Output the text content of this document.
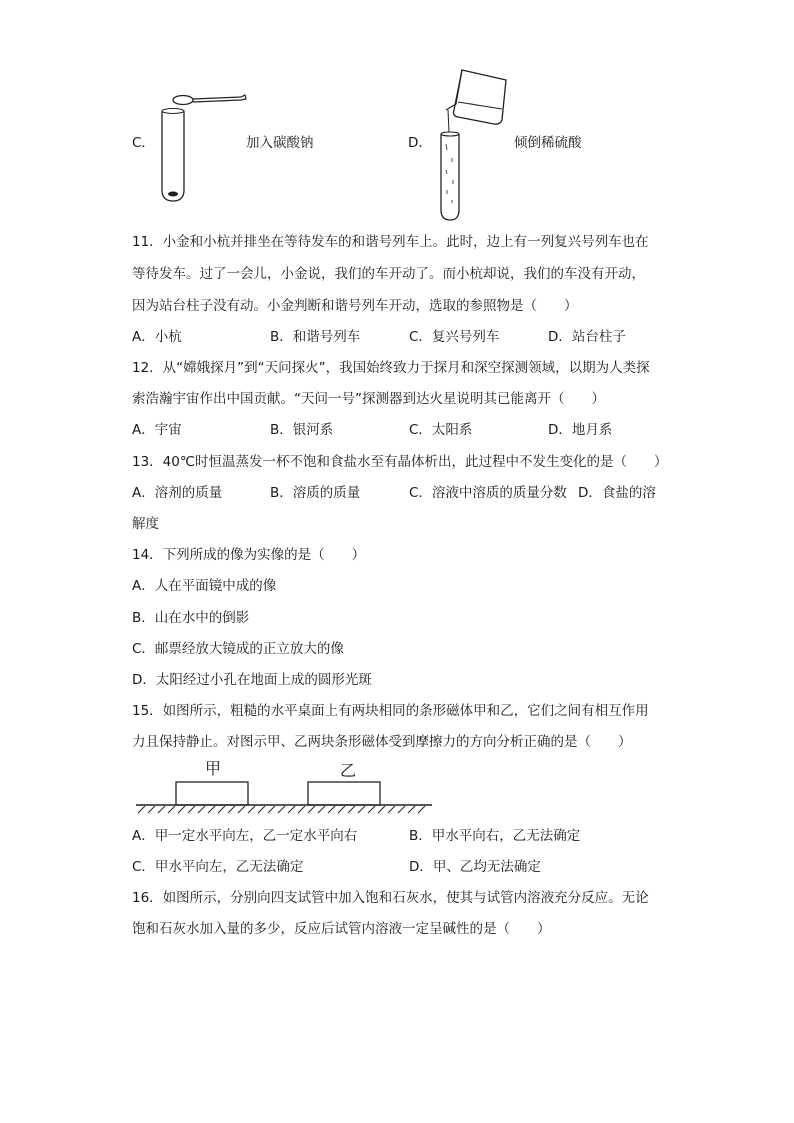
C．	加入碳酸钠	D．
- .
倾倒稀硫酸
11．小金和小杭并排坐在等待发车的和谐号列车上。此时，边上有一列复兴号列车也在
等待发车。过了一会儿，小金说，我们的车开动了。而小杭却说，我们的车没有开动，
因为站台柱子没有动。小金判断和谐号列车开动，选取的参照物是（　　）
A．小杭	B．和谐号列车	C．复兴号列车	D．站台柱子
12．从“嫦娥探月”到“天问探火”，我国始终致力于探月和深空探测领域，以期为人类探
索浩瀚宇宙作出中国贡献。“天问一号”探测器到达火星说明其已能离开（　　）
A．宇宙	B．银河系	C．太阳系	D．地月系
13．40℃时恒温蒸发一杯不饱和食盐水至有晶体析出，此过程中不发生变化的是（　　）
A．溶剂的质量	B．溶质的质量	C．溶液中溶质的质量分数 D．食盐的溶
解度
14．下列所成的像为实像的是（　　）
A．人在平面镜中成的像
B．山在水中的倒影
C．邮票经放大镜成的正立放大的像
D．太阳经过小孔在地面上成的圆形光斑
15．如图所示，粗糙的水平桌面上有两块相同的条形磁体甲和乙，它们之间有相互作用
力且保持静止。对图示甲、乙两块条形磁体受到摩擦力的方向分析正确的是（　　）
甲	乙
A．甲一定水平向左，乙一定水平向右	B．甲水平向右，乙无法确定
C．甲水平向左，乙无法确定	D．甲、乙均无法确定
16．如图所示，分别向四支试管中加入饱和石灰水，使其与试管内溶液充分反应。无论
饱和石灰水加入量的多少，反应后试管内溶液一定呈碱性的是（　　）
